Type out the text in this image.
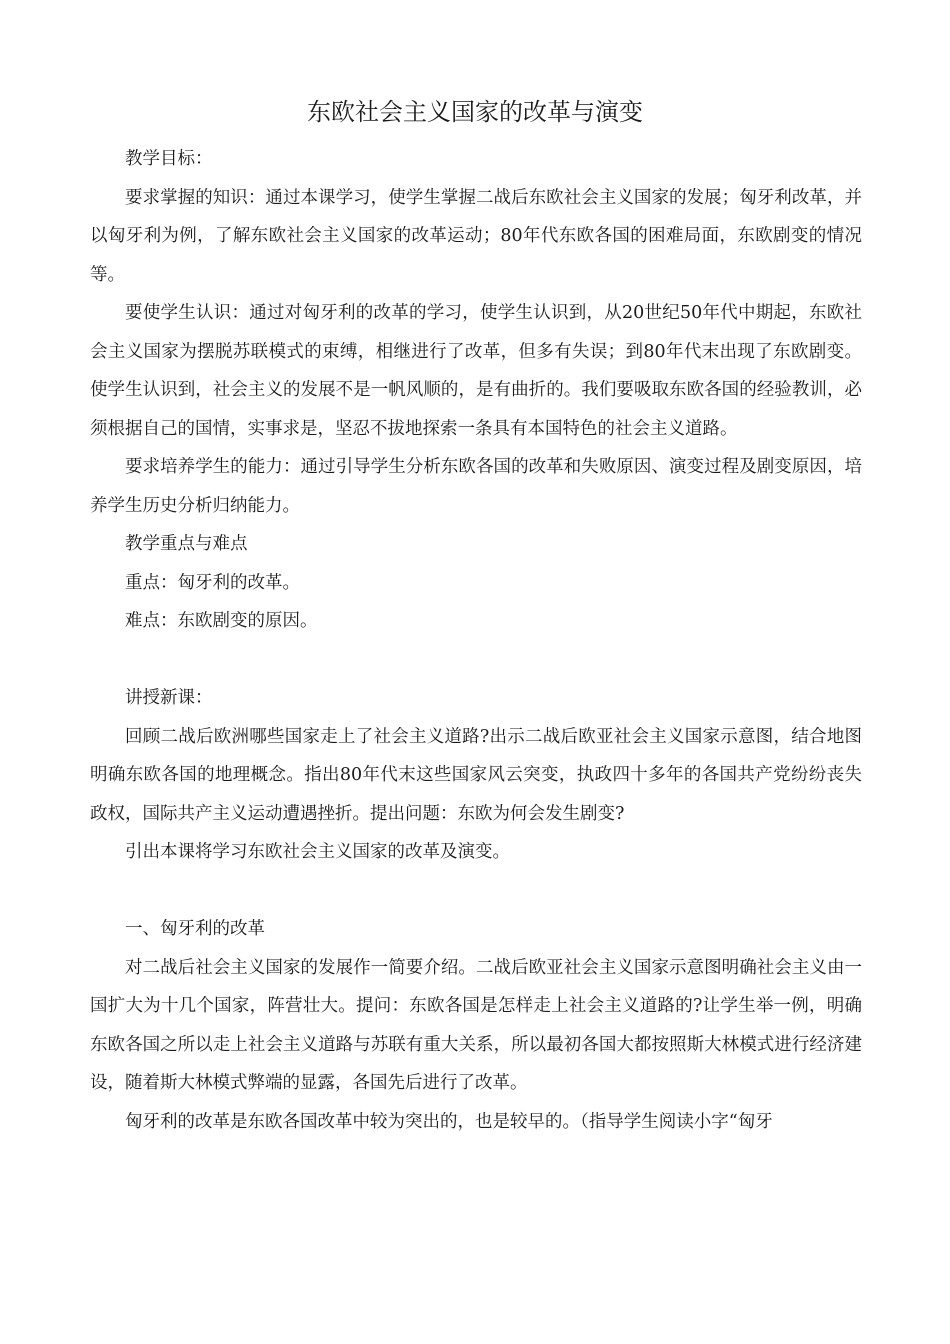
东欧社会主义国家的改革与演变

教学目标：

要求掌握的知识：通过本课学习，使学生掌握二战后东欧社会主义国家的发展；匈牙利改革，并以匈牙利为例，了解东欧社会主义国家的改革运动；80年代东欧各国的困难局面，东欧剧变的情况等。

要使学生认识：通过对匈牙利的改革的学习，使学生认识到，从20世纪50年代中期起，东欧社会主义国家为摆脱苏联模式的束缚，相继进行了改革，但多有失误；到80年代末出现了东欧剧变。使学生认识到，社会主义的发展不是一帆风顺的，是有曲折的。我们要吸取东欧各国的经验教训，必须根据自己的国情，实事求是，坚忍不拔地探索一条具有本国特色的社会主义道路。

要求培养学生的能力：通过引导学生分析东欧各国的改革和失败原因、演变过程及剧变原因，培养学生历史分析归纳能力。

教学重点与难点

重点：匈牙利的改革。

难点：东欧剧变的原因。

讲授新课：

回顾二战后欧洲哪些国家走上了社会主义道路?出示二战后欧亚社会主义国家示意图，结合地图明确东欧各国的地理概念。指出80年代末这些国家风云突变，执政四十多年的各国共产党纷纷丧失政权，国际共产主义运动遭遇挫折。提出问题：东欧为何会发生剧变?

引出本课将学习东欧社会主义国家的改革及演变。

一、匈牙利的改革

对二战后社会主义国家的发展作一简要介绍。二战后欧亚社会主义国家示意图明确社会主义由一国扩大为十几个国家，阵营壮大。提问：东欧各国是怎样走上社会主义道路的?让学生举一例，明确东欧各国之所以走上社会主义道路与苏联有重大关系，所以最初各国大都按照斯大林模式进行经济建设，随着斯大林模式弊端的显露，各国先后进行了改革。

匈牙利的改革是东欧各国改革中较为突出的，也是较早的。（指导学生阅读小字“匈牙
